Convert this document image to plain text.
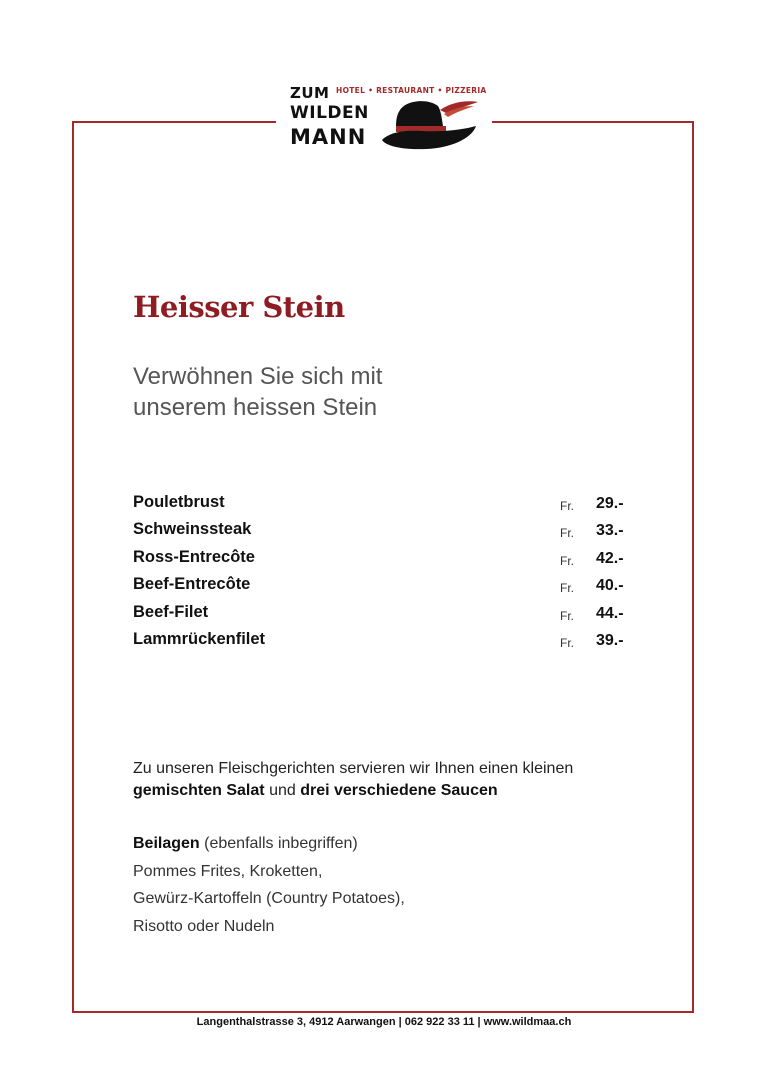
ZUM HOTEL • RESTAURANT • PIZZERIA
WILDEN
MANN
Heisser Stein
Verwöhnen Sie sich mit
unserem heissen Stein
Pouletbrust	Fr. 29.-
Schweinssteak	Fr. 33.-
Ross-Entrecôte	Fr. 42.-
Beef-Entrecôte	Fr. 40.-
Beef-Filet	Fr. 44.-
Lammrückenfilet	Fr. 39.-
Zu unseren Fleischgerichten servieren wir Ihnen einen kleinen
gemischten Salat und drei verschiedene Saucen
Beilagen (ebenfalls inbegriffen)
Pommes Frites, Kroketten,
Gewürz-Kartoffeln (Country Potatoes),
Risotto oder Nudeln
Langenthalstrasse 3, 4912 Aarwangen | 062 922 33 11 | www.wildmaa.ch
